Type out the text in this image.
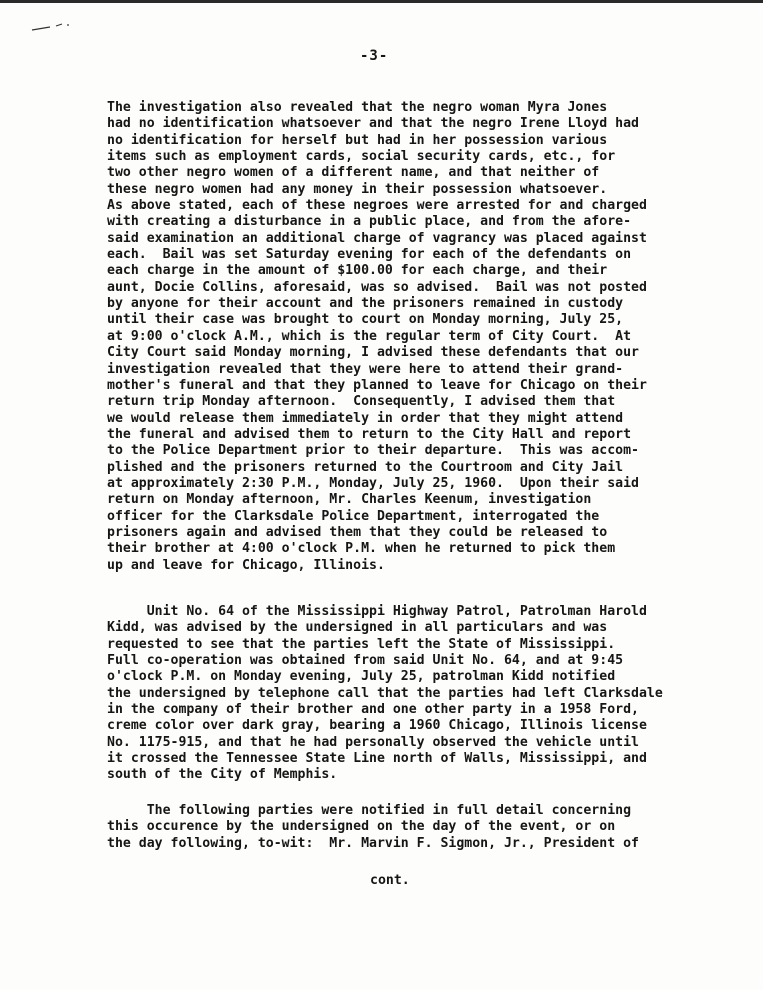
-3-

The investigation also revealed that the negro woman Myra Jones
had no identification whatsoever and that the negro Irene Lloyd had
no identification for herself but had in her possession various
items such as employment cards, social security cards, etc., for
two other negro women of a different name, and that neither of
these negro women had any money in their possession whatsoever.
As above stated, each of these negroes were arrested for and charged
with creating a disturbance in a public place, and from the afore-
said examination an additional charge of vagrancy was placed against
each.  Bail was set Saturday evening for each of the defendants on
each charge in the amount of $100.00 for each charge, and their
aunt, Docie Collins, aforesaid, was so advised.  Bail was not posted
by anyone for their account and the prisoners remained in custody
until their case was brought to court on Monday morning, July 25,
at 9:00 o'clock A.M., which is the regular term of City Court.  At
City Court said Monday morning, I advised these defendants that our
investigation revealed that they were here to attend their grand-
mother's funeral and that they planned to leave for Chicago on their
return trip Monday afternoon.  Consequently, I advised them that
we would release them immediately in order that they might attend
the funeral and advised them to return to the City Hall and report
to the Police Department prior to their departure.  This was accom-
plished and the prisoners returned to the Courtroom and City Jail
at approximately 2:30 P.M., Monday, July 25, 1960.  Upon their said
return on Monday afternoon, Mr. Charles Keenum, investigation
officer for the Clarksdale Police Department, interrogated the
prisoners again and advised them that they could be released to
their brother at 4:00 o'clock P.M. when he returned to pick them
up and leave for Chicago, Illinois.

Unit No. 64 of the Mississippi Highway Patrol, Patrolman Harold
Kidd, was advised by the undersigned in all particulars and was
requested to see that the parties left the State of Mississippi.
Full co-operation was obtained from said Unit No. 64, and at 9:45
o'clock P.M. on Monday evening, July 25, patrolman Kidd notified
the undersigned by telephone call that the parties had left Clarksdale
in the company of their brother and one other party in a 1958 Ford,
creme color over dark gray, bearing a 1960 Chicago, Illinois license
No. 1175-915, and that he had personally observed the vehicle until
it crossed the Tennessee State Line north of Walls, Mississippi, and
south of the City of Memphis.

The following parties were notified in full detail concerning
this occurence by the undersigned on the day of the event, or on
the day following, to-wit:  Mr. Marvin F. Sigmon, Jr., President of

cont.
